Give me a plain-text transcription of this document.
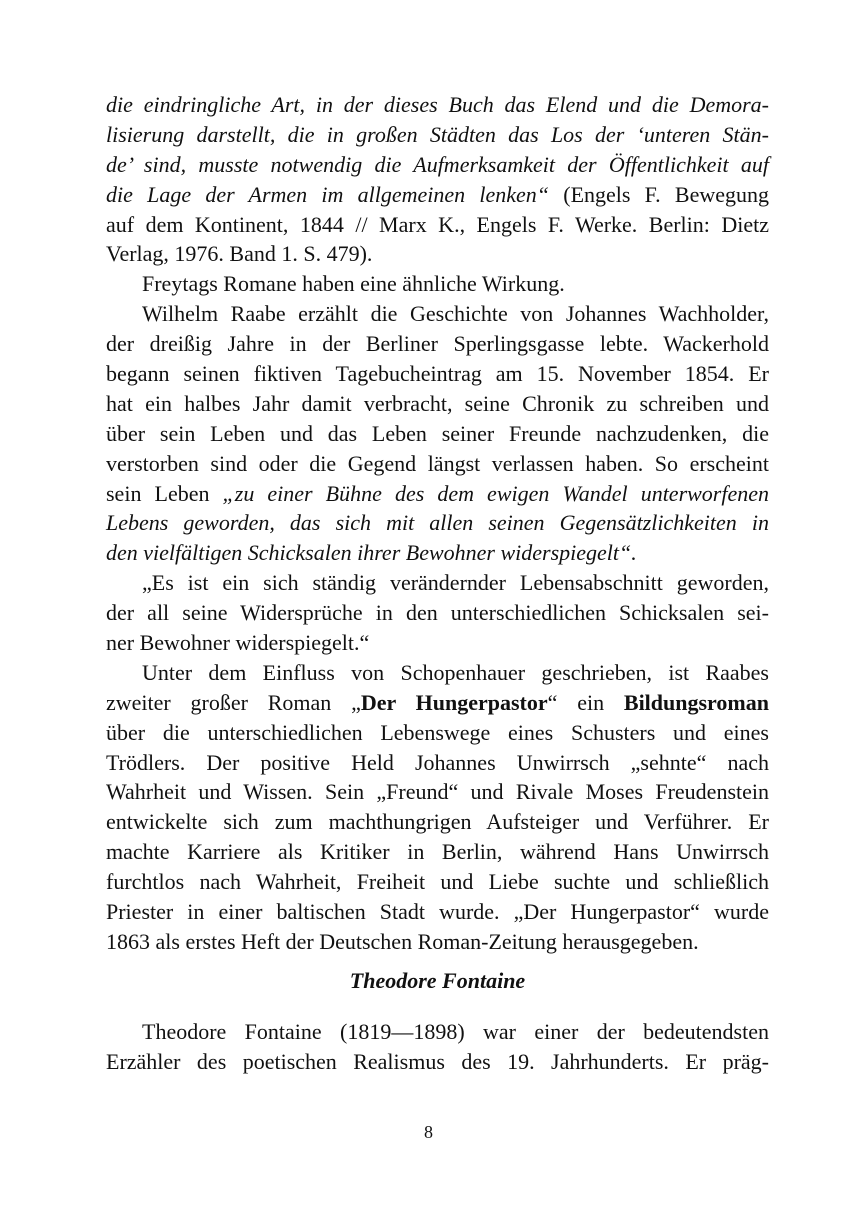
die eindringliche Art, in der dieses Buch das Elend und die Demora-
lisierung darstellt, die in großen Städten das Los der ‘unteren Stän-
de’ sind, musste notwendig die Aufmerksamkeit der Öffentlichkeit auf
die Lage der Armen im allgemeinen lenken“ (Engels F. Bewegung
auf dem Kontinent, 1844 // Marx K., Engels F. Werke. Berlin: Dietz
Verlag, 1976. Band 1. S. 479).
Freytags Romane haben eine ähnliche Wirkung.
Wilhelm Raabe erzählt die Geschichte von Johannes Wachholder,
der dreißig Jahre in der Berliner Sperlingsgasse lebte. Wackerhold
begann seinen fiktiven Tagebucheintrag am 15. November 1854. Er
hat ein halbes Jahr damit verbracht, seine Chronik zu schreiben und
über sein Leben und das Leben seiner Freunde nachzudenken, die
verstorben sind oder die Gegend längst verlassen haben. So erscheint
sein Leben „zu einer Bühne des dem ewigen Wandel unterworfenen
Lebens geworden, das sich mit allen seinen Gegensätzlichkeiten in
den vielfältigen Schicksalen ihrer Bewohner widerspiegelt“.
„Es ist ein sich ständig verändernder Lebensabschnitt geworden,
der all seine Widersprüche in den unterschiedlichen Schicksalen sei-
ner Bewohner widerspiegelt.“
Unter dem Einfluss von Schopenhauer geschrieben, ist Raabes
zweiter großer Roman „Der Hungerpastor“ ein Bildungsroman
über die unterschiedlichen Lebenswege eines Schusters und eines
Trödlers. Der positive Held Johannes Unwirrsch „sehnte“ nach
Wahrheit und Wissen. Sein „Freund“ und Rivale Moses Freudenstein
entwickelte sich zum machthungrigen Aufsteiger und Verführer. Er
machte Karriere als Kritiker in Berlin, während Hans Unwirrsch
furchtlos nach Wahrheit, Freiheit und Liebe suchte und schließlich
Priester in einer baltischen Stadt wurde. „Der Hungerpastor“ wurde
1863 als erstes Heft der Deutschen Roman-Zeitung herausgegeben.
Theodore Fontaine
Theodore Fontaine (1819—1898) war einer der bedeutendsten
Erzähler des poetischen Realismus des 19. Jahrhunderts. Er präg-
8
